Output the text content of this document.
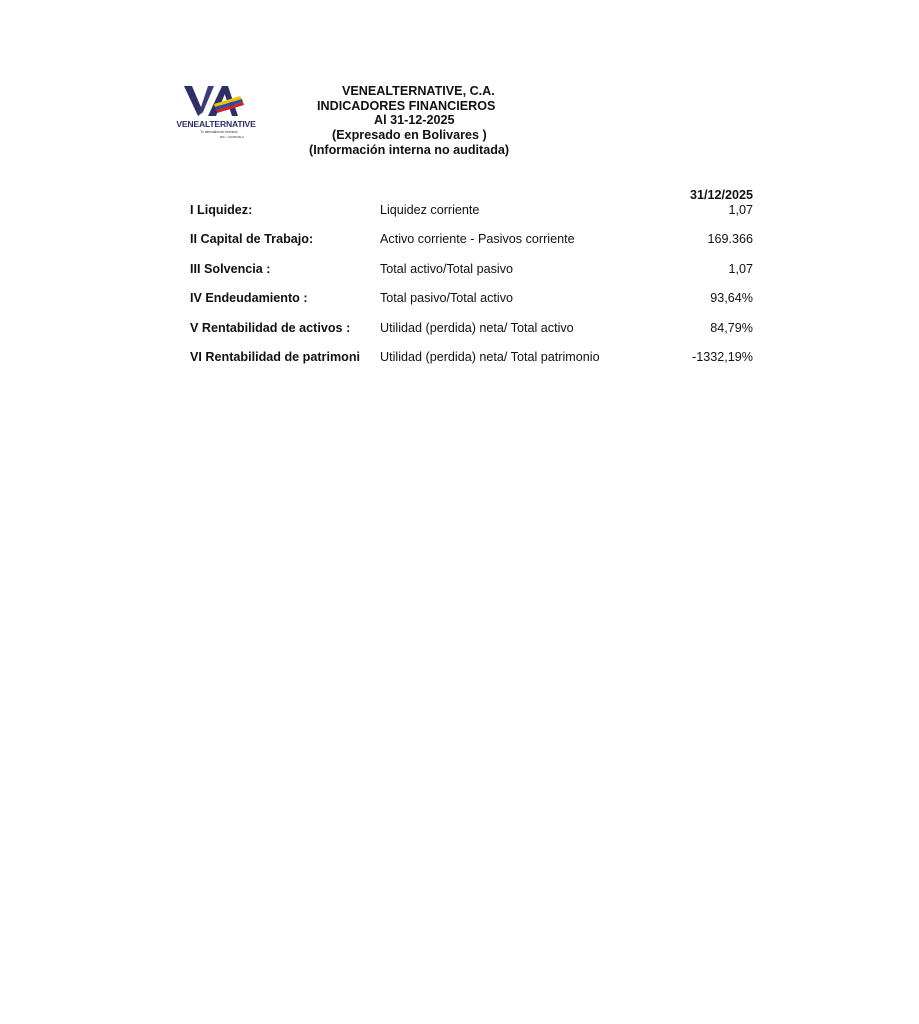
VENEALTERNATIVE
Tu alternativa de inversión
RIF.: J-0000000-0
VENEALTERNATIVE, C.A.
INDICADORES FINANCIEROS
Al 31-12-2025
(Expresado en Bolivares )
(Información interna no auditada)
31/12/2025
I Liquidez:	Liquidez corriente	1,07
II Capital de Trabajo:	Activo corriente - Pasivos corriente	169.366
III Solvencia :	Total activo/Total pasivo	1,07
IV Endeudamiento :	Total pasivo/Total activo	93,64%
V Rentabilidad de activos :	Utilidad (perdida) neta/ Total activo	84,79%
VI Rentabilidad de patrimoni	Utilidad (perdida) neta/ Total patrimonio	-1332,19%
